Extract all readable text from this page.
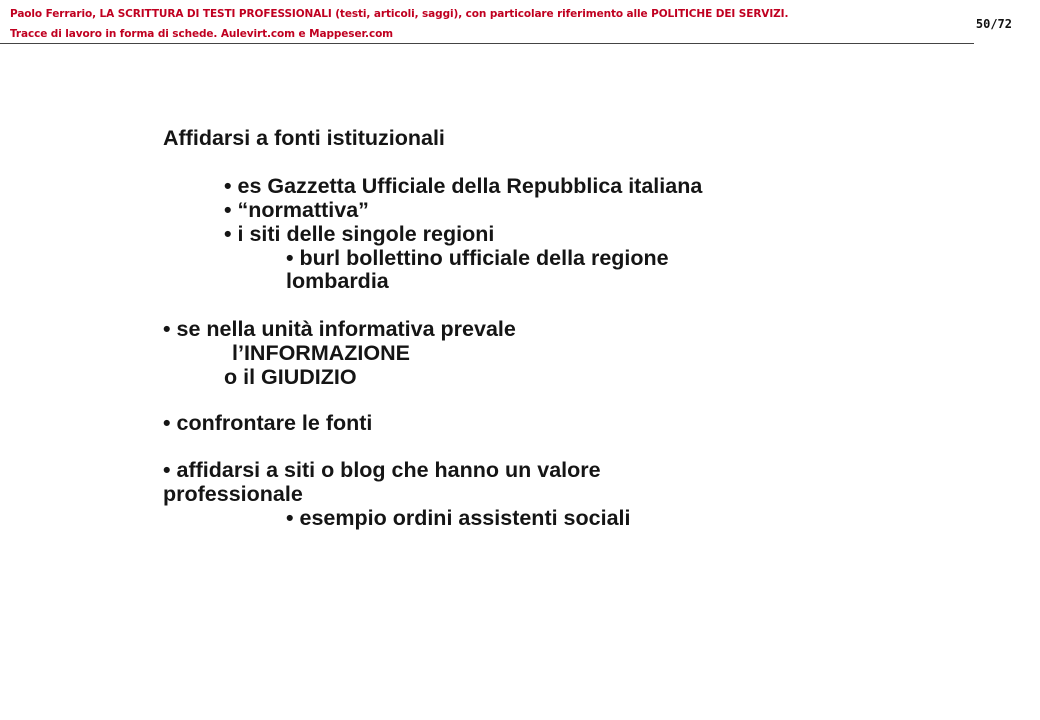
Paolo Ferrario, LA SCRITTURA DI TESTI PROFESSIONALI (testi, articoli, saggi), con particolare riferimento alle POLITICHE DEI SERVIZI.
Tracce di lavoro in forma di schede. Aulevirt.com e Mappeser.com
50/72
Affidarsi a fonti istituzionali
• es Gazzetta Ufficiale della Repubblica italiana
• “normattiva”
• i siti delle singole regioni
• burl bollettino ufficiale della regione
lombardia
• se nella unità informativa prevale
l’INFORMAZIONE
o il GIUDIZIO
• confrontare le fonti
• affidarsi a siti o blog che hanno un valore
professionale
• esempio ordini assistenti sociali
